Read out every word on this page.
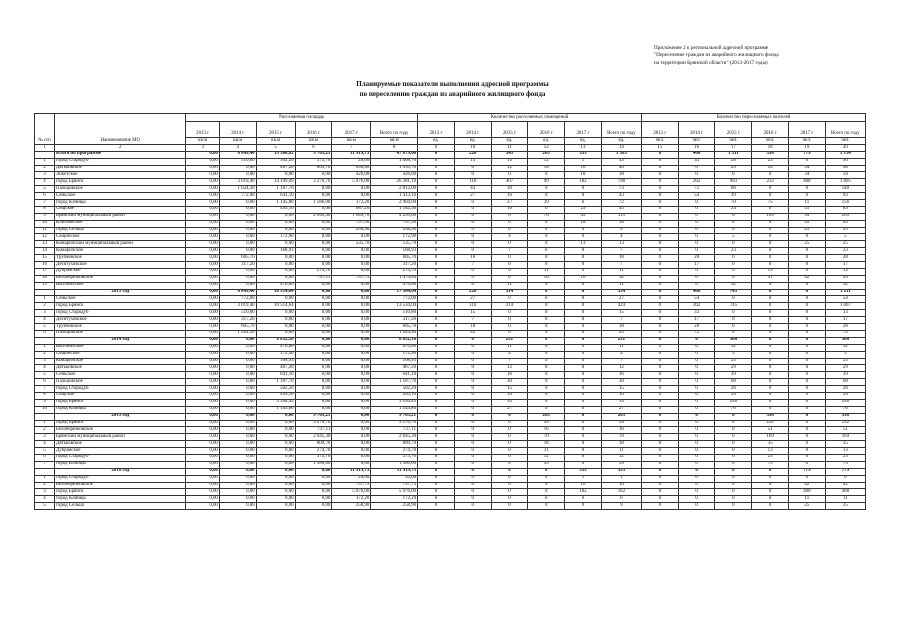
Приложение 2 к региональной адресной программе
"Переселение граждан из аварийного жилищного фонда
на территории Брянской области" (2013-2017 годы)
Планируемые показатели выполнения адресной программы
по переселению граждан из аварийного жилищного фонда
№ п/п	Наименование МО	Расселяемая площадь						Количество расселяемых помещений						Количество переселяемых жителей					
		2013 г	2014 г	2015 г	2016 г	2017 г	Всего по году	2013 г	2014 г	2015 г	2016 г	2017 г	Всего по году	2013 г	2014 г	2015 г	2016 г	2017 г	Всего по году
		кв.м	кв.м	кв.м	кв.м	кв.м	кв.м	ед.	ед.	ед.	ед.	ед.	ед.	чел.	чел.	чел.	чел.	чел.	чел.
1	2	3	4	5	6	7	8	9	10	11	12	13	14	15	16	17	18	19	20
	Итого по программе	0,00	6 849,40	19 366,82	9 705,21	11 919,73	47 879,66	0	220	545	265	353	1 383	0	466	1 311	598	779	3 154
1	город Стародуб	0,00	510,80	502,20	375,70	20,00	1 408,70	0	15	15	12	1	43	0	33	28	23	6	90
2	Дятьковское	0,00	0,00	467,20	809,70	658,80	1 935,70	0	0	12	18	16	46	0	0	29	35	34	98
3	Локотское	0,00	0,00	0,00	0,00	426,00	426,00	0	0	0	0	18	18	0	0	0	0	34	34
4	город Брянск	0,00	3 019,40	14 109,09	3 276,70	5 976,00	26 381,19	0	110	407	99	182	798	0	262	993	232	408	1 895
5	Пальцовское	0,00	1 624,30	1 187,70	0,00	0,00	2 812,00	0	43	30	0	0	73	0	72	68	0	0	140
6	Сеньское	0,00	772,00	641,10	0,00	0,00	1 413,10	0	27	16	0	0	43	0	54	39	0	0	93
7	город Клинцы	0,00	0,00	1 145,80	1 586,00	172,20	2 904,00	0	0	27	39	6	72	0	0	70	75	11	156
8	Сещское	0,00	0,00	495,10	0,00	687,20	1 182,30	0	0	16	0	29	45	0	0	24	0	55	89
9	Брянский муниципальный район	0,00	0,00	0,00	2 645,30	1 649,70	4 295,00	0	0	0	70	45	115	0	0	0	169	94	263
10	Клетнянское	0,00	0,00	0,00	0,00	797,50	797,50	0	0	0	0	18	18	0	0	0	0	45	45
11	город Сельцо	0,00	0,00	0,00	0,00	258,90	258,90	0	0	0	0	9	9	0	0	0	0	25	25
12	Сещинское	0,00	0,00	172,90	0,00	0,00	172,90	0	0	4	0	0	4	0	0	5	0	0	5
13	Комаричский муниципальный район	0,00	0,00	0,00	0,00	535,70	535,70	0	0	0	0	13	13	0	0	0	0	25	25
14	Комаричское	0,00	0,00	168,93	0,00	0,00	168,93	0	0	7	0	0	7	0	0	23	0	0	23
15	Трубчевское	0,00	605,70	0,00	0,00	0,00	605,70	0	18	0	0	0	18	0	28	0	0	0	28
16	Десятуховское	0,00	317,20	0,00	0,00	0,00	317,20	0	7	0	0	0	7	0	17	0	0	0	17
17	Дубровское	0,00	0,00	0,00	274,70	0,00	274,70	0	0	0	11	0	11	0	0	0	13	0	13
18	Белоберезковское	0,00	0,00	0,00	737,11	737,73	1 474,84	0	0	0	16	16	32	0	0	0	51	42	93
19	Выгоничское	0,00	0,00	476,80	0,00	0,00	476,80	0	0	11	0	0	11	0	0	32	0	0	32
	2013 год	0,00	6 849,40	10 514,64	0,00	0,00	17 364,04	0	220	314	0	0	534	0	466	745	0	0	1 211
1	Сеньское	0,00	772,00	0,00	0,00	0,00	772,00	0	27	0	0	0	27	0	54	0	0	0	54
2	город Брянск	0,00	3 019,40	10 514,64	0,00	0,00	13 534,04	0	110	314	0	0	424	0	262	745	0	0	1 007
3	город Стародуб	0,00	510,80	0,00	0,00	0,00	510,80	0	15	0	0	0	15	0	33	0	0	0	33
4	Десятуховское	0,00	317,20	0,00	0,00	0,00	317,20	0	7	0	0	0	7	0	17	0	0	0	17
5	Трубчевское	0,00	605,70	0,00	0,00	0,00	605,70	0	18	0	0	0	18	0	28	0	0	0	28
6	Пальцовское	0,00	1 624,30	0,00	0,00	0,00	1 624,30	0	43	0	0	0	43	0	72	0	0	0	72
	2014 год	0,00	0,00	8 852,18	0,00	0,00	8 852,18	0	0	231	0	0	231	0	0	566	0	0	566
1	Выгоничское	0,00	0,00	476,80	0,00	0,00	476,80	0	0	11	0	0	11	0	0	32	0	0	32
2	Сещинское	0,00	0,00	172,90	0,00	0,00	172,90	0	0	4	0	0	4	0	0	5	0	0	5
3	Комаричское	0,00	0,00	168,93	0,00	0,00	168,93	0	0	7	0	0	7	0	0	23	0	0	23
4	Дятьковское	0,00	0,00	467,20	0,00	0,00	467,20	0	0	12	0	0	12	0	0	29	0	0	29
5	Сеньское	0,00	0,00	641,10	0,00	0,00	641,10	0	0	16	0	0	16	0	0	39	0	0	39
6	Пальцовское	0,00	0,00	1 187,70	0,00	0,00	1 187,70	0	0	30	0	0	30	0	0	68	0	0	68
7	город Стародуб	0,00	0,00	502,20	0,00	0,00	502,20	0	0	15	0	0	15	0	0	28	0	0	28
8	Сещское	0,00	0,00	495,10	0,00	0,00	495,10	0	0	16	0	0	16	0	0	24	0	0	24
9	город Брянск	0,00	0,00	3 594,45	0,00	0,00	3 594,45	0	0	93	0	0	93	0	0	248	0	0	248
10	город Клинцы	0,00	0,00	1 145,80	0,00	0,00	1 145,80	0	0	27	0	0	27	0	0	70	0	0	70
	2015 год	0,00	0,00	0,00	9 705,21	0,00	9 705,21	0	0	0	265	0	265	0	0	0	598	0	598
1	город Брянск	0,00	0,00	0,00	3 276,70	0,00	3 276,70	0	0	0	99	0	99	0	0	0	232	0	232
2	Белоберезковское	0,00	0,00	0,00	737,11	0,00	737,11	0	0	0	16	0	16	0	0	0	51	0	51
3	Брянский муниципальный район	0,00	0,00	0,00	2 645,30	0,00	2 645,30	0	0	0	70	0	70	0	0	0	169	0	169
4	Дятьковское	0,00	0,00	0,00	809,70	0,00	809,70	0	0	0	18	0	18	0	0	0	35	0	35
5	Дубровское	0,00	0,00	0,00	274,70	0,00	274,70	0	0	0	11	0	11	0	0	0	13	0	13
6	город Стародуб	0,00	0,00	0,00	375,70	0,00	375,70	0	0	0	12	0	12	0	0	0	23	0	23
7	город Клинцы	0,00	0,00	0,00	1 586,00	0,00	1 586,00	0	0	0	39	0	39	0	0	0	75	0	75
	2016 год	0,00	0,00	0,00	0,00	11 919,73	11 919,73	0	0	0	0	353	353	0	0	0	0	779	779
1	город Стародуб	0,00	0,00	0,00	0,00	20,00	20,00	0	0	0	0	1	1	0	0	0	0	6	6
2	Белоберезковское	0,00	0,00	0,00	0,00	737,73	737,73	0	0	0	0	16	16	0	0	0	0	42	42
3	город Брянск	0,00	0,00	0,00	0,00	5 976,00	5 976,00	0	0	0	0	182	182	0	0	0	0	408	408
4	город Клинцы	0,00	0,00	0,00	0,00	172,20	172,20	0	0	0	0	6	6	0	0	0	0	11	11
5	город Сельцо	0,00	0,00	0,00	0,00	258,90	258,90	0	0	0	0	9	9	0	0	0	0	25	25
